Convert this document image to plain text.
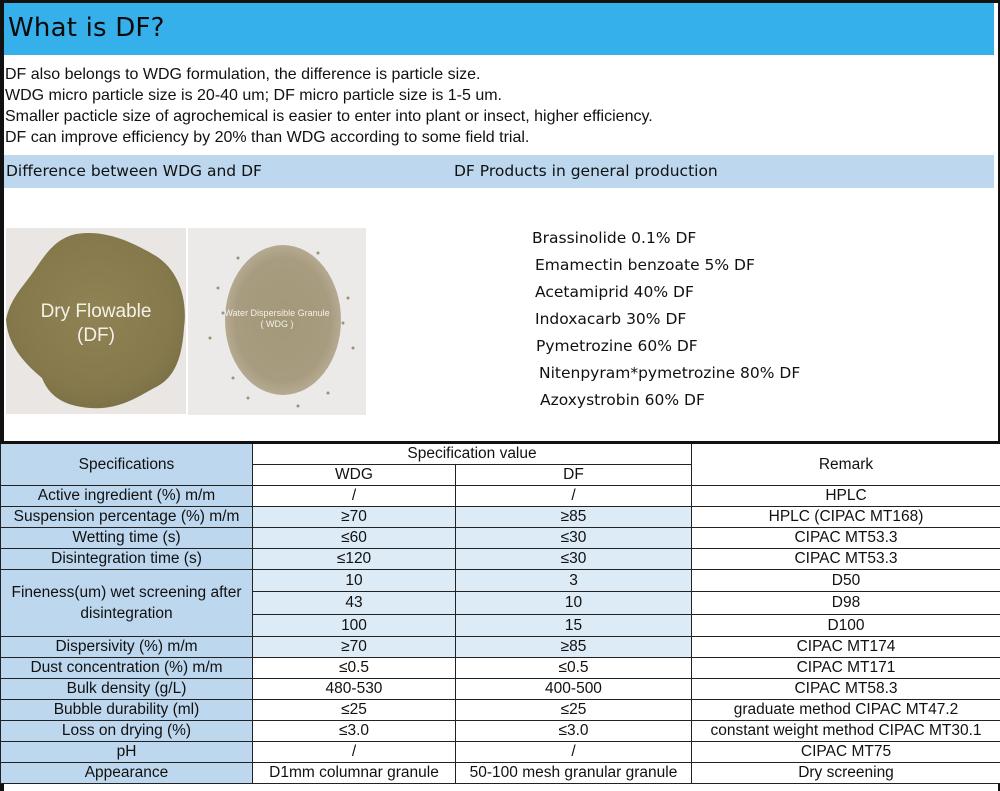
What is DF?
DF also belongs to WDG formulation, the difference is particle size.
WDG micro particle size is 20-40 um; DF micro particle size is 1-5 um.
Smaller pacticle size of agrochemical is easier to enter into plant or insect, higher efficiency.
DF can improve efficiency by 20% than WDG according to some field trial.
Difference between WDG and DF	DF Products in general production
Dry Flowable
(DF)
Water Dispersible Granule
( WDG )
Brassinolide 0.1% DF
Emamectin benzoate 5% DF
Acetamiprid 40% DF
Indoxacarb 30% DF
Pymetrozine 60% DF
Nitenpyram*pymetrozine 80% DF
Azoxystrobin 60% DF
Specifications	Specification value		Remark
	WDG	DF	
Active ingredient (%) m/m	/	/	HPLC
Suspension percentage (%) m/m	≥70	≥85	HPLC (CIPAC MT168)
Wetting time (s)	≤60	≤30	CIPAC MT53.3
Disintegration time (s)	≤120	≤30	CIPAC MT53.3
Fineness(um) wet screening after disintegration	10	3	D50
	43	10	D98
	100	15	D100
Dispersivity (%) m/m	≥70	≥85	CIPAC MT174
Dust concentration (%) m/m	≤0.5	≤0.5	CIPAC MT171
Bulk density (g/L)	480-530	400-500	CIPAC MT58.3
Bubble durability (ml)	≤25	≤25	graduate method CIPAC MT47.2
Loss on drying (%)	≤3.0	≤3.0	constant weight method CIPAC MT30.1
pH	/	/	CIPAC MT75
Appearance	D1mm columnar granule	50-100 mesh granular granule	Dry screening
